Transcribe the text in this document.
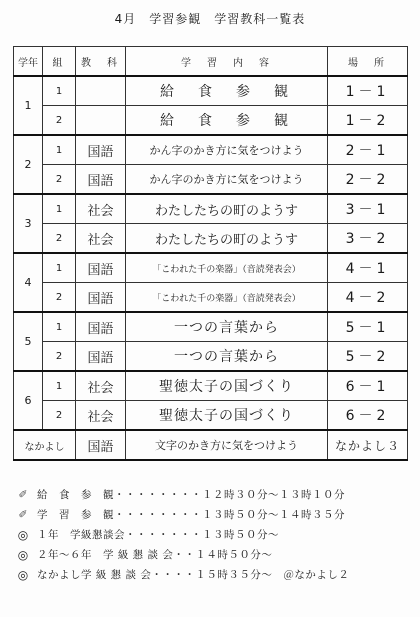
4月　学習参観　学習教科一覧表
学年	組	教　科	学　習　内　容	場　所
1	1		給　食　参　観	1－1
	2		給　食　参　観	1－2
2	1	国語	かん字のかき方に気をつけよう	2－1
	2	国語	かん字のかき方に気をつけよう	2－2
3	1	社会	わたしたちの町のようす	3－1
	2	社会	わたしたちの町のようす	3－2
4	1	国語	「こわれた千の楽器」（音読発表会）	4－1
	2	国語	「こわれた千の楽器」（音読発表会）	4－2
5	1	国語	一つの言葉から	5－1
	2	国語	一つの言葉から	5－2
6	1	社会	聖徳太子の国づくり	6－1
	2	社会	聖徳太子の国づくり	6－2
なかよし		国語	文字のかき方に気をつけよう	なかよし３
✐ 給　食　参　観・・・・・・・・１２時３０分～１３時１０分
✐ 学　習　参　観・・・・・・・・１３時５０分～１４時３５分
◎ １年　学級懇談会・・・・・・・１３時５０分～
◎ ２年～６年　学 級 懇 談 会・・１４時５０分～
◎ なかよし学 級 懇 談 会・・・・１５時３５分～　＠なかよし２
